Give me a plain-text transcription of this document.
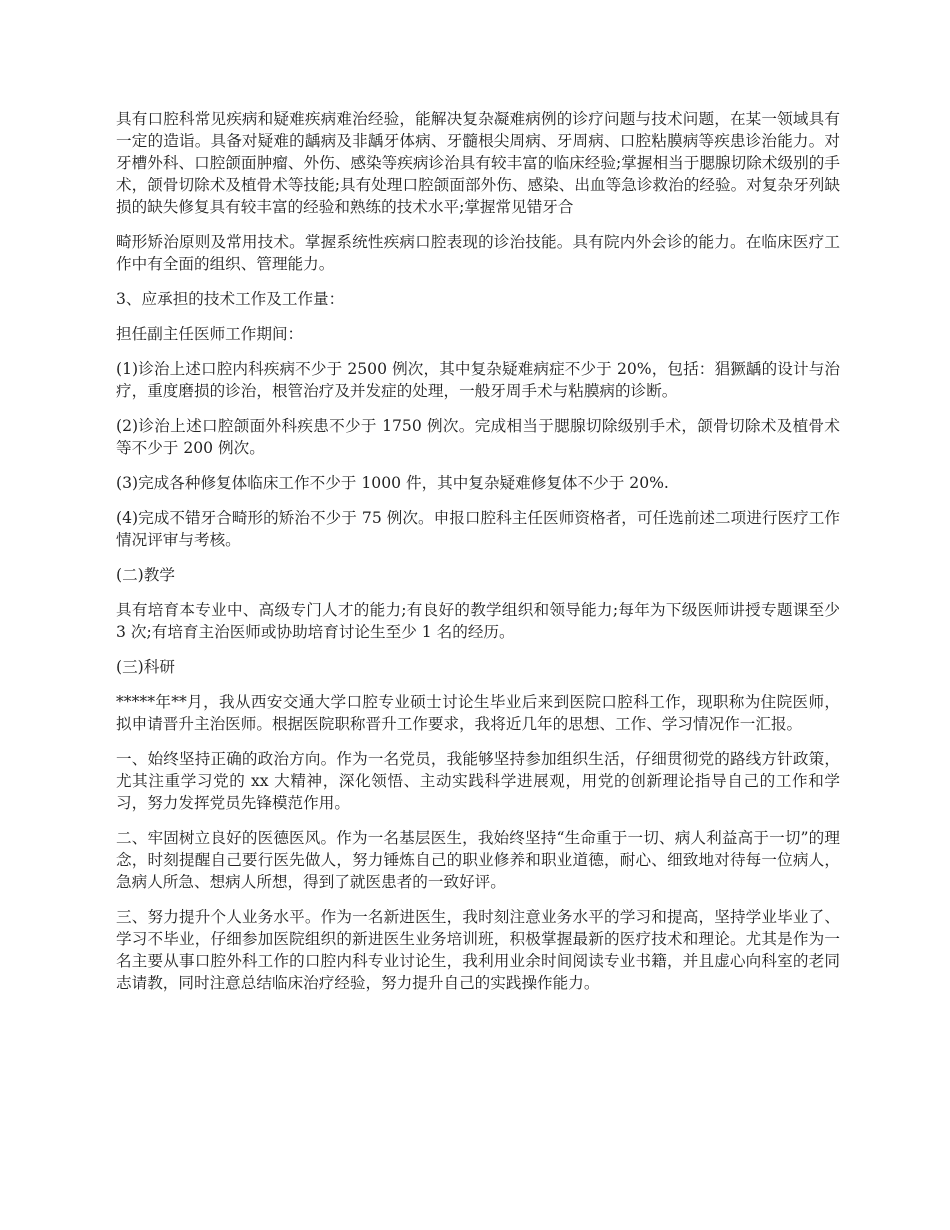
具有口腔科常见疾病和疑难疾病难治经验，能解决复杂凝难病例的诊疗问题与技术问题，在某一领域具有一定的造诣。具备对疑难的龋病及非龋牙体病、牙髓根尖周病、牙周病、口腔粘膜病等疾患诊治能力。对牙槽外科、口腔颌面肿瘤、外伤、感染等疾病诊治具有较丰富的临床经验;掌握相当于腮腺切除术级别的手术，颌骨切除术及植骨术等技能;具有处理口腔颌面部外伤、感染、出血等急诊救治的经验。对复杂牙列缺损的缺失修复具有较丰富的经验和熟练的技术水平;掌握常见错牙合

畸形矫治原则及常用技术。掌握系统性疾病口腔表现的诊治技能。具有院内外会诊的能力。在临床医疗工作中有全面的组织、管理能力。

3、应承担的技术工作及工作量：

担任副主任医师工作期间：

(1)诊治上述口腔内科疾病不少于 2500 例次，其中复杂疑难病症不少于 20%，包括：猖獗龋的设计与治疗，重度磨损的诊治，根管治疗及并发症的处理，一般牙周手术与粘膜病的诊断。

(2)诊治上述口腔颌面外科疾患不少于 1750 例次。完成相当于腮腺切除级别手术，颌骨切除术及植骨术等不少于 200 例次。

(3)完成各种修复体临床工作不少于 1000 件，其中复杂疑难修复体不少于 20%.

(4)完成不错牙合畸形的矫治不少于 75 例次。申报口腔科主任医师资格者，可任选前述二项进行医疗工作情况评审与考核。

(二)教学

具有培育本专业中、高级专门人才的能力;有良好的教学组织和领导能力;每年为下级医师讲授专题课至少 3 次;有培育主治医师或协助培育讨论生至少 1 名的经历。

(三)科研

*****年**月，我从西安交通大学口腔专业硕士讨论生毕业后来到医院口腔科工作，现职称为住院医师，拟申请晋升主治医师。根据医院职称晋升工作要求，我将近几年的思想、工作、学习情况作一汇报。

一、始终坚持正确的政治方向。作为一名党员，我能够坚持参加组织生活，仔细贯彻党的路线方针政策，尤其注重学习党的 xx 大精神，深化领悟、主动实践科学进展观，用党的创新理论指导自己的工作和学习，努力发挥党员先锋模范作用。

二、牢固树立良好的医德医风。作为一名基层医生，我始终坚持“生命重于一切、病人利益高于一切”的理念，时刻提醒自己要行医先做人，努力锤炼自己的职业修养和职业道德，耐心、细致地对待每一位病人，急病人所急、想病人所想，得到了就医患者的一致好评。

三、努力提升个人业务水平。作为一名新进医生，我时刻注意业务水平的学习和提高，坚持学业毕业了、学习不毕业，仔细参加医院组织的新进医生业务培训班，积极掌握最新的医疗技术和理论。尤其是作为一名主要从事口腔外科工作的口腔内科专业讨论生，我利用业余时间阅读专业书籍，并且虚心向科室的老同志请教，同时注意总结临床治疗经验，努力提升自己的实践操作能力。
